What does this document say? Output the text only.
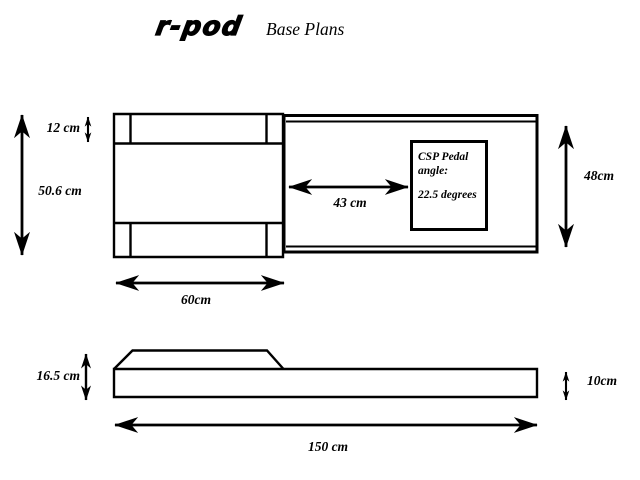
r-pod Base Plans
12 cm
50.6 cm
43 cm
60cm
48cm
CSP Pedal
angle:
22.5 degrees
16.5 cm	10cm
150 cm
